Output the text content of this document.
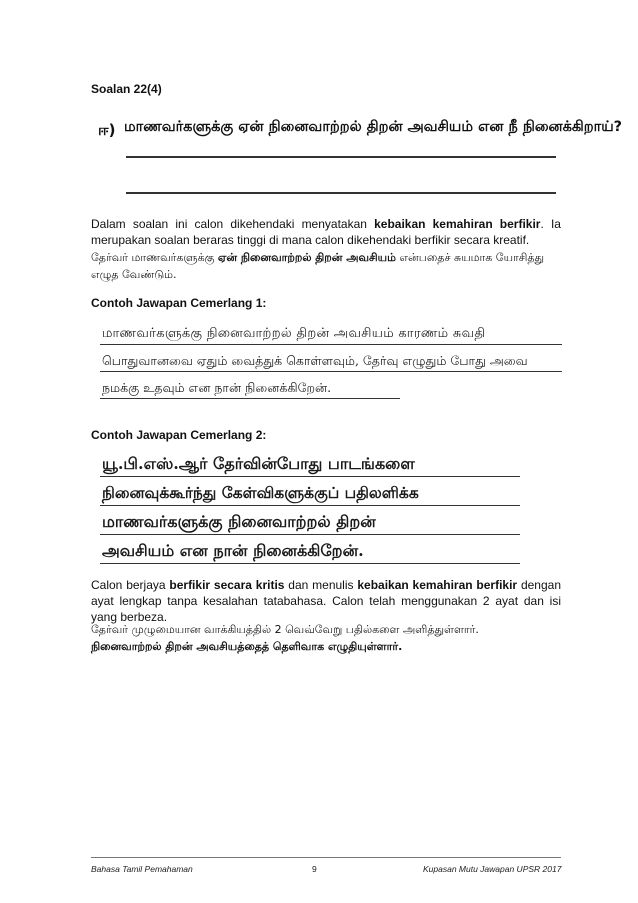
Soalan 22(4)
ஈ) மாணவர்களுக்கு ஏன் நினைவாற்றல் திறன் அவசியம் என நீ நினைக்கிறாய்?
Dalam soalan ini calon dikehendaki menyatakan kebaikan kemahiran berfikir. Ia merupakan soalan beraras tinggi di mana calon dikehendaki berfikir secara kreatif.
தேர்வர் மாணவர்களுக்கு ஏன் நினைவாற்றல் திறன் அவசியம் என்பதைச் சுயமாக யோசித்து எழுத வேண்டும்.
Contoh Jawapan Cemerlang 1:
மாணவர்களுக்கு நினைவாற்றல் திறன் அவசியம் காரணம் சுவதி
பொதுவானவை ஏதும் வைத்துக் கொள்ளவும், தேர்வு எழுதும் போது அவை
நமக்கு உதவும் என நான் நினைக்கிறேன்.
Contoh Jawapan Cemerlang 2:
யூ.பி.எஸ்.ஆர் தேர்வின்போது பாடங்களை
நினைவுக்கூர்ந்து கேள்விகளுக்குப் பதிலளிக்க
மாணவர்களுக்கு நினைவாற்றல் திறன்
அவசியம் என நான் நினைக்கிறேன்.
Calon berjaya berfikir secara kritis dan menulis kebaikan kemahiran berfikir dengan ayat lengkap tanpa kesalahan tatabahasa. Calon telah menggunakan 2 ayat dan isi yang berbeza.
தேர்வர் முழுமையான வாக்கியத்தில் 2 வெவ்வேறு பதில்களை அளித்துள்ளார்.
நினைவாற்றல் திறன் அவசியத்தைத் தெளிவாக எழுதியுள்ளார்.
Bahasa Tamil Pemahaman	9	Kupasan Mutu Jawapan UPSR 2017
